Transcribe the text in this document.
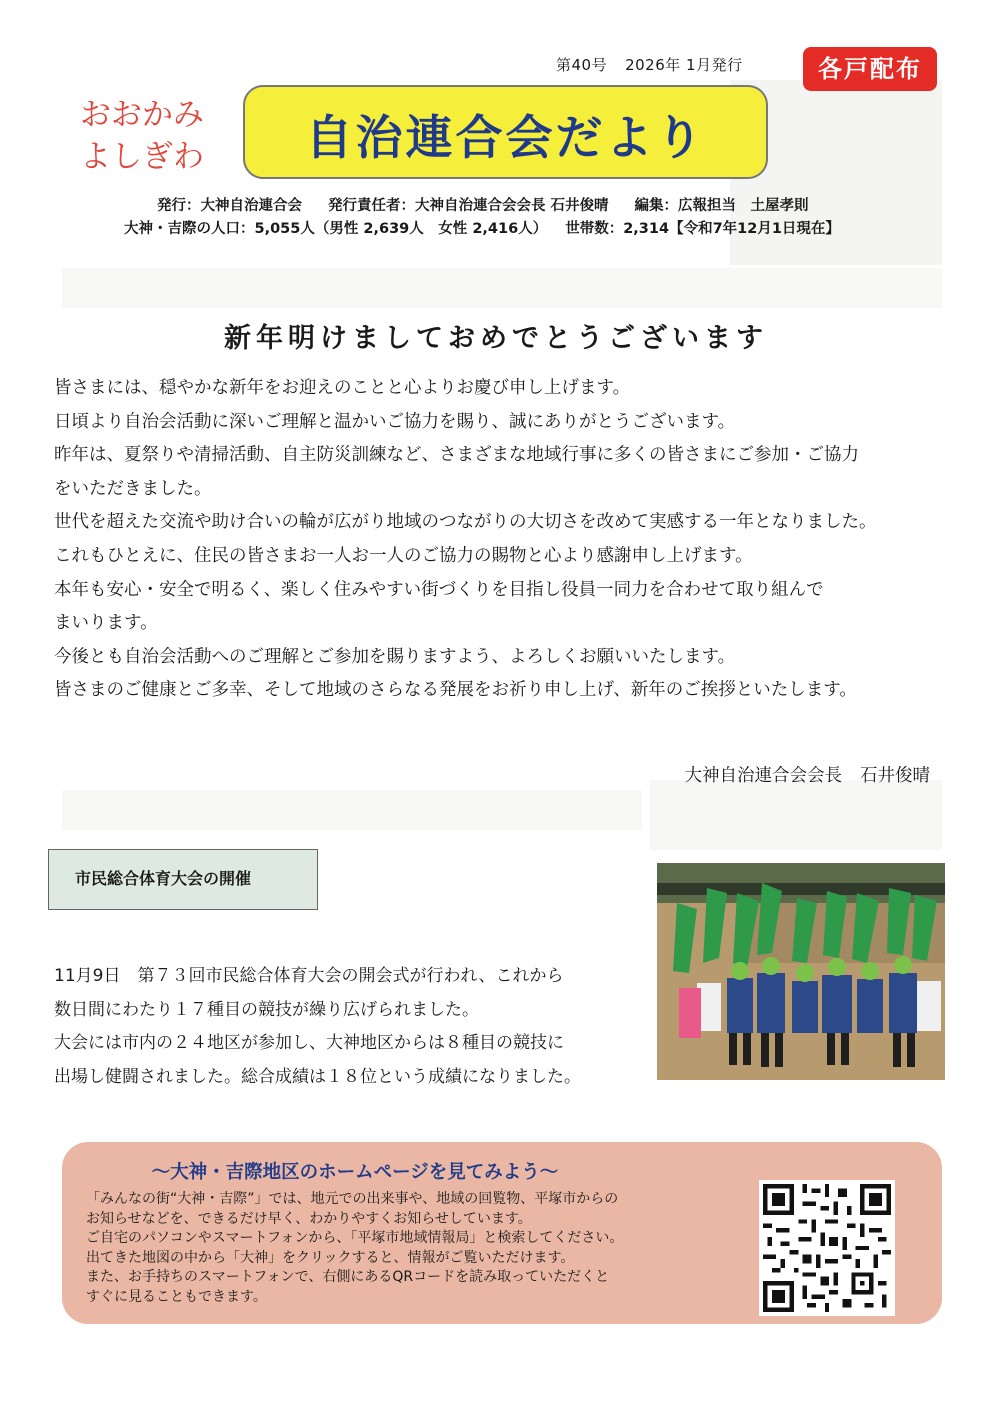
第40号 2026年 1月発行	各戸配布
おおかみ
よしぎわ	自治連合会だより
発行：大神自治連合会 発行責任者：大神自治連合会会長 石井俊晴 編集：広報担当　土屋孝則
大神・吉際の人口：5,055人（男性 2,639人　女性 2,416人） 世帯数：2,314【令和7年12月1日現在】
新年明けましておめでとうございます

皆さまには、穏やかな新年をお迎えのことと心よりお慶び申し上げます。

日頃より自治会活動に深いご理解と温かいご協力を賜り、誠にありがとうございます。

昨年は、夏祭りや清掃活動、自主防災訓練など、さまざまな地域行事に多くの皆さまにご参加・ご協力

をいただきました。

世代を超えた交流や助け合いの輪が広がり地域のつながりの大切さを改めて実感する一年となりました。

これもひとえに、住民の皆さまお一人お一人のご協力の賜物と心より感謝申し上げます。

本年も安心・安全で明るく、楽しく住みやすい街づくりを目指し役員一同力を合わせて取り組んで

まいります。

今後とも自治会活動へのご理解とご参加を賜りますよう、よろしくお願いいたします。

皆さまのご健康とご多幸、そして地域のさらなる発展をお祈り申し上げ、新年のご挨拶といたします。

大神自治連合会会長 石井俊晴
市民総合体育大会の開催

11月9日　第７３回市民総合体育大会の開会式が行われ、これから

数日間にわたり１７種目の競技が繰り広げられました。

大会には市内の２４地区が参加し、大神地区からは８種目の競技に

出場し健闘されました。総合成績は１８位という成績になりました。

～大神・吉際地区のホームページを見てみよう～

「みんなの街“大神・吉際”」では、地元での出来事や、地域の回覧物、平塚市からの

お知らせなどを、できるだけ早く、わかりやすくお知らせしています。

ご自宅のパソコンやスマートフォンから、「平塚市地域情報局」と検索してください。

出てきた地図の中から「大神」をクリックすると、情報がご覧いただけます。

また、お手持ちのスマートフォンで、右側にあるQRコードを読み取っていただくと

すぐに見ることもできます。
